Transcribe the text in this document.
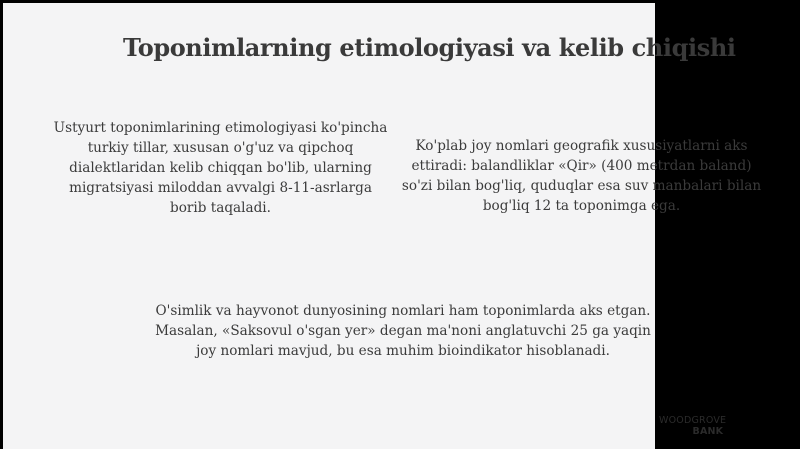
Toponimlarning etimologiyasi va kelib chiqishi

Ustyurt toponimlarining etimologiyasi ko'pincha turkiy tillar, xususan o'g'uz va qipchoq dialektlaridan kelib chiqqan bo'lib, ularning migratsiyasi miloddan avvalgi 8-11-asrlarga borib taqaladi.

Ko'plab joy nomlari geografik xususiyatlarni aks ettiradi: balandliklar «Qir» (400 metrdan baland) so'zi bilan bog'liq, quduqlar esa suv manbalari bilan bog'liq 12 ta toponimga ega.

O'simlik va hayvonot dunyosining nomlari ham toponimlarda aks etgan. Masalan, «Saksovul o'sgan yer» degan ma'noni anglatuvchi 25 ga yaqin joy nomlari mavjud, bu esa muhim bioindikator hisoblanadi.

WOODGROVE
BANK
